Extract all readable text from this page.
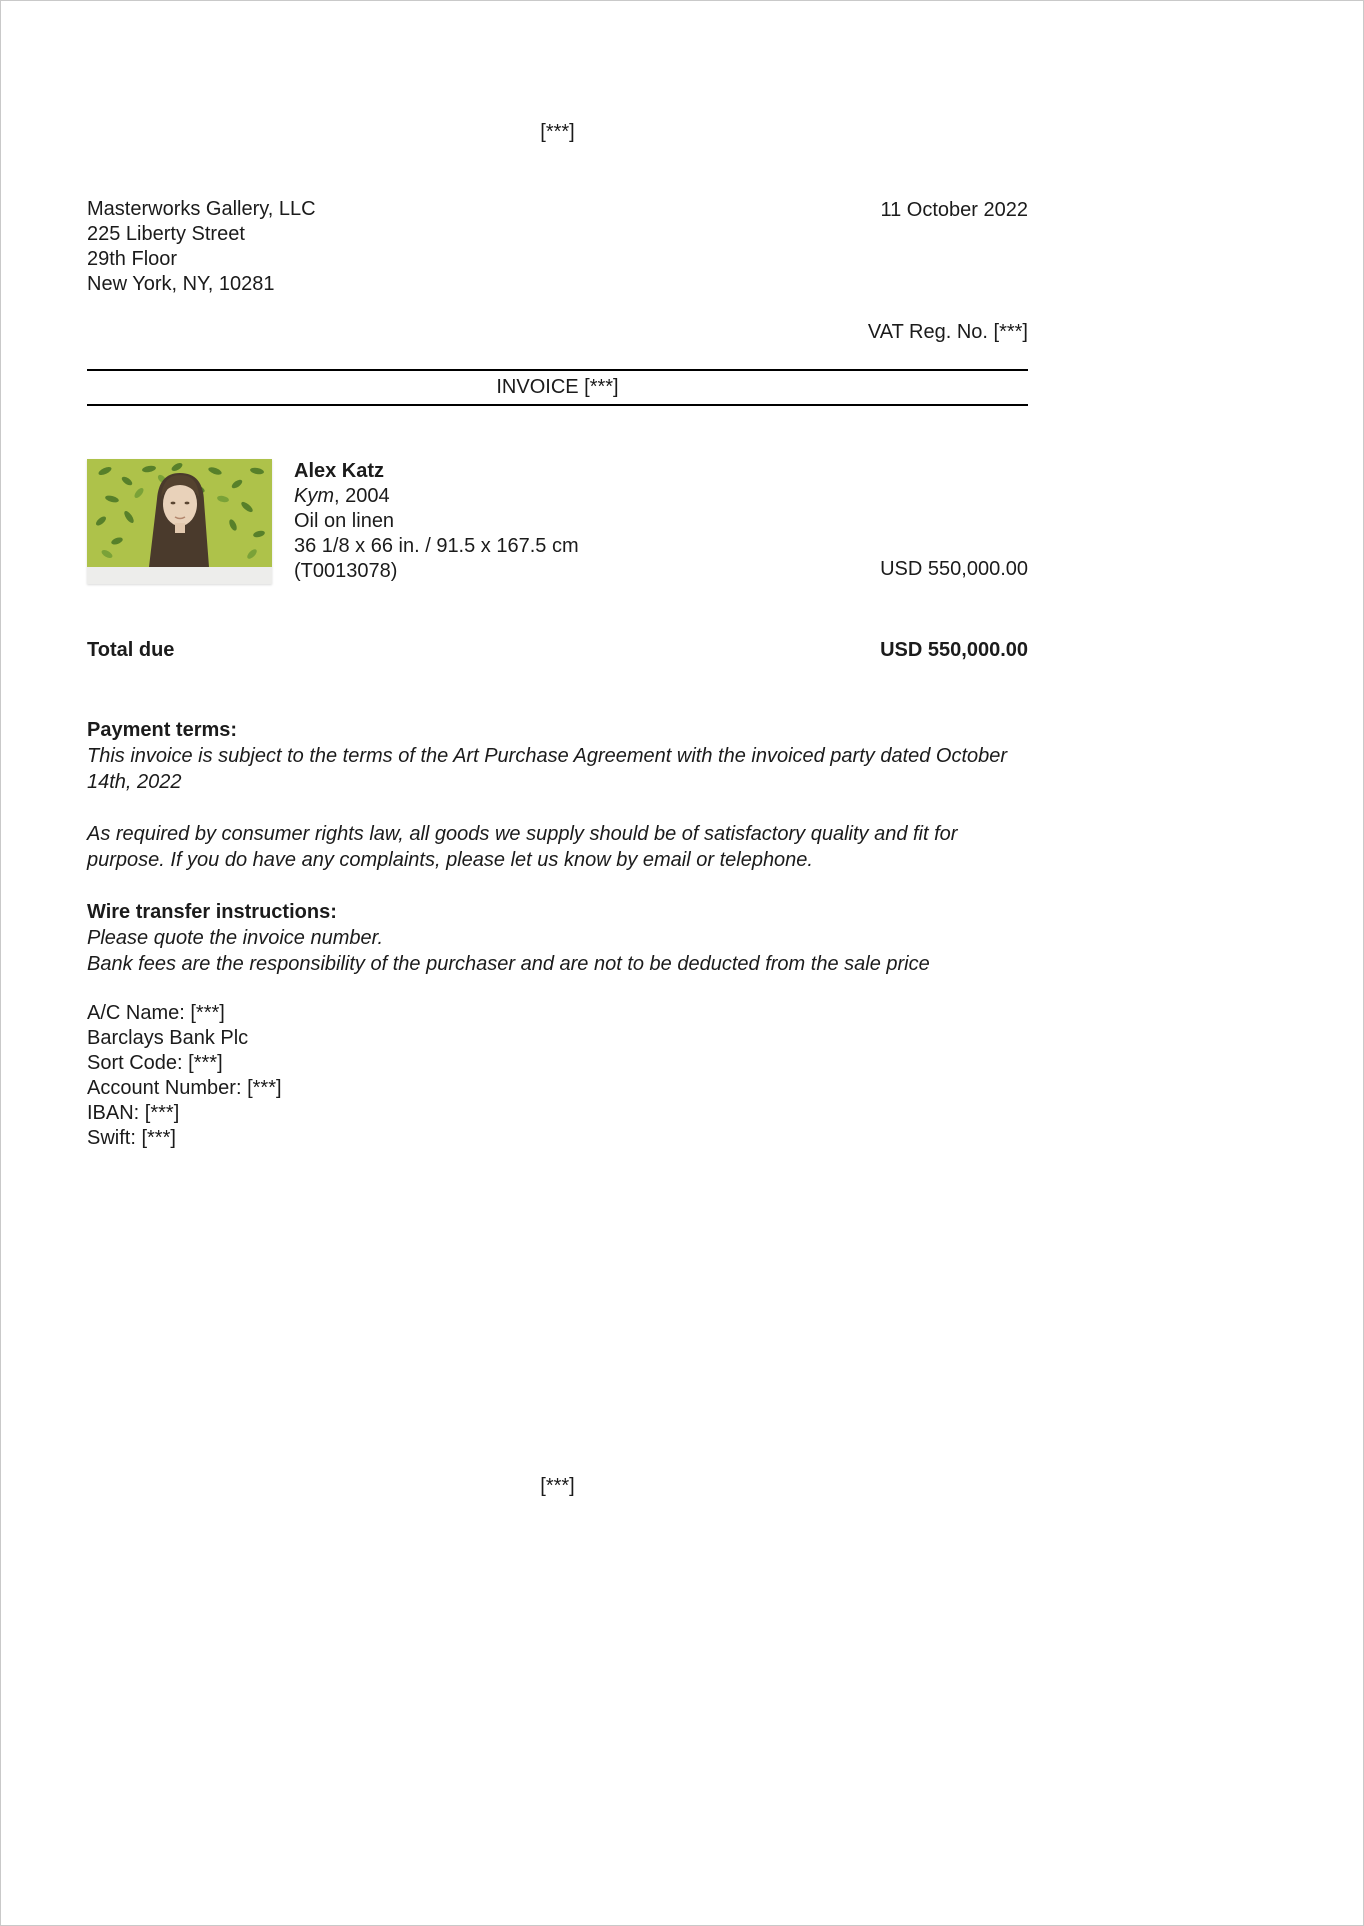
[***]
Masterworks Gallery, LLC
225 Liberty Street
29th Floor
New York, NY, 10281
11 October 2022
VAT Reg. No. [***]
INVOICE [***]
Alex Katz
Kym, 2004
Oil on linen
36 1/8 x 66 in. / 91.5 x 167.5 cm
(T0013078)	USD 550,000.00
Total due	USD 550,000.00
Payment terms:
This invoice is subject to the terms of the Art Purchase Agreement with the invoiced party dated October 14th, 2022
As required by consumer rights law, all goods we supply should be of satisfactory quality and fit for purpose. If you do have any complaints, please let us know by email or telephone.
Wire transfer instructions:
Please quote the invoice number.
Bank fees are the responsibility of the purchaser and are not to be deducted from the sale price
A/C Name: [***]
Barclays Bank Plc
Sort Code: [***]
Account Number: [***]
IBAN: [***]
Swift: [***]
[***]
